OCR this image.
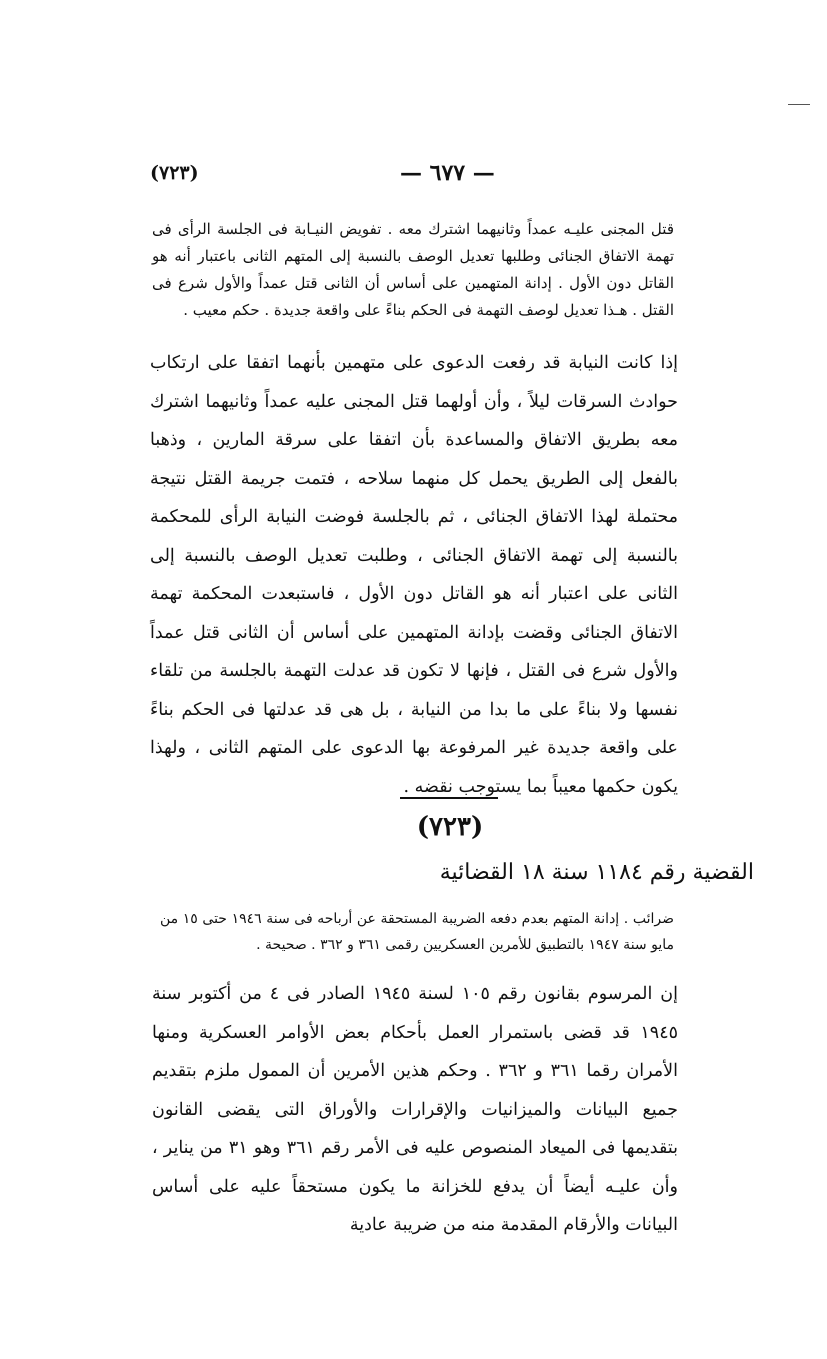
(٧٢٣)	— ٦٧٧ —
قتل المجنى عليـه عمداً وثانيهما اشترك معه . تفويض النيـابة فى الجلسة الرأى فى تهمة الاتفاق الجنائى وطلبها تعديل الوصف بالنسبة إلى المتهم الثانى باعتبار أنه هو القاتل دون الأول . إدانة المتهمين على أساس أن الثانى قتل عمداً والأول شرع فى القتل . هـذا تعديل لوصف التهمة فى الحكم بناءً على واقعة جديدة . حكم معيب .
إذا كانت النيابة قد رفعت الدعوى على متهمين بأنهما اتفقا على ارتكاب حوادث السرقات ليلاً ، وأن أولهما قتل المجنى عليه عمداً وثانيهما اشترك معه بطريق الاتفاق والمساعدة بأن اتفقا على سرقة المارين ، وذهبا بالفعل إلى الطريق يحمل كل منهما سلاحه ، فتمت جريمة القتل نتيجة محتملة لهذا الاتفاق الجنائى ، ثم بالجلسة فوضت النيابة الرأى للمحكمة بالنسبة إلى تهمة الاتفاق الجنائى ، وطلبت تعديل الوصف بالنسبة إلى الثانى على اعتبار أنه هو القاتل دون الأول ، فاستبعدت المحكمة تهمة الاتفاق الجنائى وقضت بإدانة المتهمين على أساس أن الثانى قتل عمداً والأول شرع فى القتل ، فإنها لا تكون قد عدلت التهمة بالجلسة من تلقاء نفسها ولا بناءً على ما بدا من النيابة ، بل هى قد عدلتها فى الحكم بناءً على واقعة جديدة غير المرفوعة بها الدعوى على المتهم الثانى ، ولهذا يكون حكمها معيباً بما يستوجب نقضه .
(٧٢٣)
القضية رقم ١١٨٤ سنة ١٨ القضائية
ضرائب . إدانة المتهم بعدم دفعه الضريبة المستحقة عن أرباحه فى سنة ١٩٤٦ حتى ١٥ من مايو سنة ١٩٤٧ بالتطبيق للأمرين العسكريين رقمى ٣٦١ و ٣٦٢ . صحيحة .
إن المرسوم بقانون رقم ١٠٥ لسنة ١٩٤٥ الصادر فى ٤ من أكتوبر سنة ١٩٤٥ قد قضى باستمرار العمل بأحكام بعض الأوامر العسكرية ومنها الأمران رقما ٣٦١ و ٣٦٢ . وحكم هذين الأمرين أن الممول ملزم بتقديم جميع البيانات والميزانيات والإقرارات والأوراق التى يقضى القانون بتقديمها فى الميعاد المنصوص عليه فى الأمر رقم ٣٦١ وهو ٣١ من يناير ، وأن عليـه أيضاً أن يدفع للخزانة ما يكون مستحقاً عليه على أساس البيانات والأرقام المقدمة منه من ضريبة عادية
